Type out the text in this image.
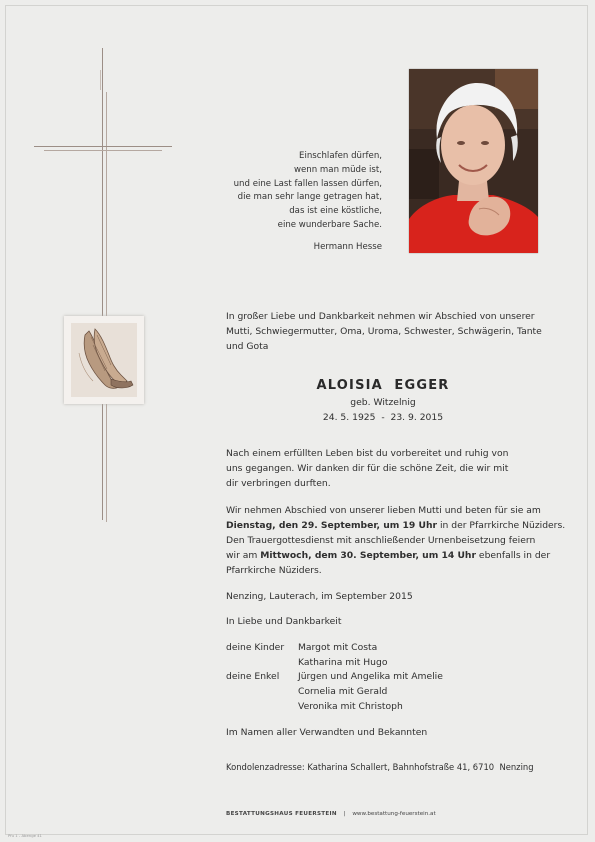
Einschlafen dürfen,
wenn man müde ist,
und eine Last fallen lassen dürfen,
die man sehr lange getragen hat,
das ist eine köstliche,
eine wunderbare Sache.
Hermann Hesse
In großer Liebe und Dankbarkeit nehmen wir Abschied von unserer
Mutti, Schwiegermutter, Oma, Uroma, Schwester, Schwägerin, Tante
und Gota
ALOISIA  EGGER
geb. Witzelnig
24. 5. 1925  -  23. 9. 2015
Nach einem erfüllten Leben bist du vorbereitet und ruhig von
uns gegangen. Wir danken dir für die schöne Zeit, die wir mit
dir verbringen durften.
Wir nehmen Abschied von unserer lieben Mutti und beten für sie am
Dienstag, den 29. September, um 19 Uhr in der Pfarrkirche Nüziders.
Den Trauergottesdienst mit anschließender Urnenbeisetzung feiern
wir am Mittwoch, dem 30. September, um 14 Uhr ebenfalls in der
Pfarrkirche Nüziders.
Nenzing, Lauterach, im September 2015
In Liebe und Dankbarkeit
deine Kinder Margot mit Costa
Katharina mit Hugo
deine Enkel Jürgen und Angelika mit Amelie
Cornelia mit Gerald
Veronika mit Christoph
Im Namen aller Verwandten und Bekannten
Kondolenzadresse: Katharina Schallert, Bahnhofstraße 41, 6710  Nenzing
BESTATTUNGSHAUS FEUERSTEIN | www.bestattung-feuerstein.at
Pfu 1 - Abenge 41
